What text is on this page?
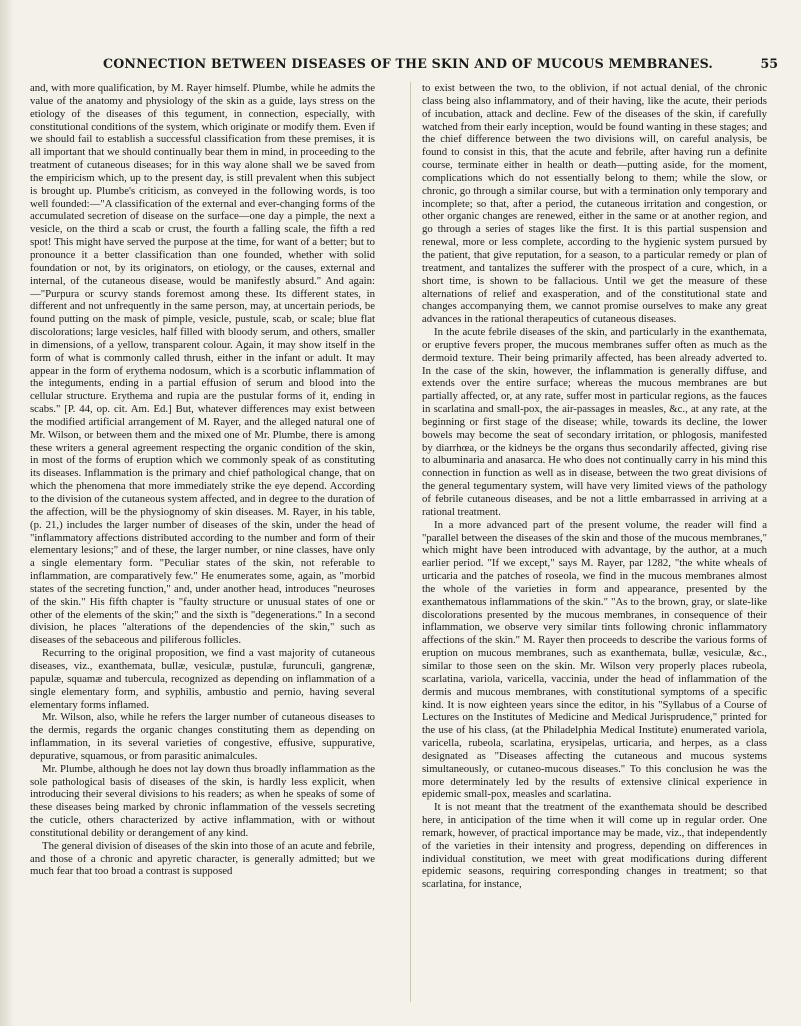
CONNECTION BETWEEN DISEASES OF THE SKIN AND OF MUCOUS MEMBRANES.	55

and, with more qualification, by M. Rayer himself. Plumbe, while he admits the value of the anatomy and physiology of the skin as a guide, lays stress on the etiology of the diseases of this tegument, in connection, especially, with constitutional conditions of the system, which originate or modify them. Even if we should fail to establish a successful classification from these premises, it is all important that we should continually bear them in mind, in proceeding to the treatment of cutaneous diseases; for in this way alone shall we be saved from the empiricism which, up to the present day, is still prevalent when this subject is brought up. Plumbe's criticism, as conveyed in the following words, is too well founded:—"A classification of the external and ever-changing forms of the accumulated secretion of disease on the surface—one day a pimple, the next a vesicle, on the third a scab or crust, the fourth a falling scale, the fifth a red spot! This might have served the purpose at the time, for want of a better; but to pronounce it a better classification than one founded, whether with solid foundation or not, by its originators, on etiology, or the causes, external and internal, of the cutaneous disease, would be manifestly absurd." And again:—"Purpura or scurvy stands foremost among these. Its different states, in different and not unfrequently in the same person, may, at uncertain periods, be found putting on the mask of pimple, vesicle, pustule, scab, or scale; blue flat discolorations; large vesicles, half filled with bloody serum, and others, smaller in dimensions, of a yellow, transparent colour. Again, it may show itself in the form of what is commonly called thrush, either in the infant or adult. It may appear in the form of erythema nodosum, which is a scorbutic inflammation of the integuments, ending in a partial effusion of serum and blood into the cellular structure. Erythema and rupia are the pustular forms of it, ending in scabs." [P. 44, op. cit. Am. Ed.] But, whatever differences may exist between the modified artificial arrangement of M. Rayer, and the alleged natural one of Mr. Wilson, or between them and the mixed one of Mr. Plumbe, there is among these writers a general agreement respecting the organic condition of the skin, in most of the forms of eruption which we commonly speak of as constituting its diseases. Inflammation is the primary and chief pathological change, that on which the phenomena that more immediately strike the eye depend. According to the division of the cutaneous system affected, and in degree to the duration of the affection, will be the physiognomy of skin diseases. M. Rayer, in his table, (p. 21,) includes the larger number of diseases of the skin, under the head of "inflammatory affections distributed according to the number and form of their elementary lesions;" and of these, the larger number, or nine classes, have only a single elementary form. "Peculiar states of the skin, not referable to inflammation, are comparatively few." He enumerates some, again, as "morbid states of the secreting function," and, under another head, introduces "neuroses of the skin." His fifth chapter is "faulty structure or unusual states of one or other of the elements of the skin;" and the sixth is "degenerations." In a second division, he places "alterations of the dependencies of the skin," such as diseases of the sebaceous and piliferous follicles.

Recurring to the original proposition, we find a vast majority of cutaneous diseases, viz., exanthemata, bullæ, vesiculæ, pustulæ, furunculi, gangrenæ, papulæ, squamæ and tubercula, recognized as depending on inflammation of a single elementary form, and syphilis, ambustio and pernio, having several elementary forms inflamed.

Mr. Wilson, also, while he refers the larger number of cutaneous diseases to the dermis, regards the organic changes constituting them as depending on inflammation, in its several varieties of congestive, effusive, suppurative, depurative, squamous, or from parasitic animalcules.

Mr. Plumbe, although he does not lay down thus broadly inflammation as the sole pathological basis of diseases of the skin, is hardly less explicit, when introducing their several divisions to his readers; as when he speaks of some of these diseases being marked by chronic inflammation of the vessels secreting the cuticle, others characterized by active inflammation, with or without constitutional debility or derangement of any kind.

The general division of diseases of the skin into those of an acute and febrile, and those of a chronic and apyretic character, is generally admitted; but we much fear that too broad a contrast is supposed

to exist between the two, to the oblivion, if not actual denial, of the chronic class being also inflammatory, and of their having, like the acute, their periods of incubation, attack and decline. Few of the diseases of the skin, if carefully watched from their early inception, would be found wanting in these stages; and the chief difference between the two divisions will, on careful analysis, be found to consist in this, that the acute and febrile, after having run a definite course, terminate either in health or death—putting aside, for the moment, complications which do not essentially belong to them; while the slow, or chronic, go through a similar course, but with a termination only temporary and incomplete; so that, after a period, the cutaneous irritation and congestion, or other organic changes are renewed, either in the same or at another region, and go through a series of stages like the first. It is this partial suspension and renewal, more or less complete, according to the hygienic system pursued by the patient, that give reputation, for a season, to a particular remedy or plan of treatment, and tantalizes the sufferer with the prospect of a cure, which, in a short time, is shown to be fallacious. Until we get the measure of these alternations of relief and exasperation, and of the constitutional state and changes accompanying them, we cannot promise ourselves to make any great advances in the rational therapeutics of cutaneous diseases.

In the acute febrile diseases of the skin, and particularly in the exanthemata, or eruptive fevers proper, the mucous membranes suffer often as much as the dermoid texture. Their being primarily affected, has been already adverted to. In the case of the skin, however, the inflammation is generally diffuse, and extends over the entire surface; whereas the mucous membranes are but partially affected, or, at any rate, suffer most in particular regions, as the fauces in scarlatina and small-pox, the air-passages in measles, &c., at any rate, at the beginning or first stage of the disease; while, towards its decline, the lower bowels may become the seat of secondary irritation, or phlogosis, manifested by diarrhœa, or the kidneys be the organs thus secondarily affected, giving rise to albuminaria and anasarca. He who does not continually carry in his mind this connection in function as well as in disease, between the two great divisions of the general tegumentary system, will have very limited views of the pathology of febrile cutaneous diseases, and be not a little embarrassed in arriving at a rational treatment.

In a more advanced part of the present volume, the reader will find a "parallel between the diseases of the skin and those of the mucous membranes," which might have been introduced with advantage, by the author, at a much earlier period. "If we except," says M. Rayer, par 1282, "the white wheals of urticaria and the patches of roseola, we find in the mucous membranes almost the whole of the varieties in form and appearance, presented by the exanthematous inflammations of the skin." "As to the brown, gray, or slate-like discolorations presented by the mucous membranes, in consequence of their inflammation, we observe very similar tints following chronic inflammatory affections of the skin." M. Rayer then proceeds to describe the various forms of eruption on mucous membranes, such as exanthemata, bullæ, vesiculæ, &c., similar to those seen on the skin. Mr. Wilson very properly places rubeola, scarlatina, variola, varicella, vaccinia, under the head of inflammation of the dermis and mucous membranes, with constitutional symptoms of a specific kind. It is now eighteen years since the editor, in his "Syllabus of a Course of Lectures on the Institutes of Medicine and Medical Jurisprudence," printed for the use of his class, (at the Philadelphia Medical Institute) enumerated variola, varicella, rubeola, scarlatina, erysipelas, urticaria, and herpes, as a class designated as "Diseases affecting the cutaneous and mucous systems simultaneously, or cutaneo-mucous diseases." To this conclusion he was the more determinately led by the results of extensive clinical experience in epidemic small-pox, measles and scarlatina.

It is not meant that the treatment of the exanthemata should be described here, in anticipation of the time when it will come up in regular order. One remark, however, of practical importance may be made, viz., that independently of the varieties in their intensity and progress, depending on differences in individual constitution, we meet with great modifications during different epidemic seasons, requiring corresponding changes in treatment; so that scarlatina, for instance,
